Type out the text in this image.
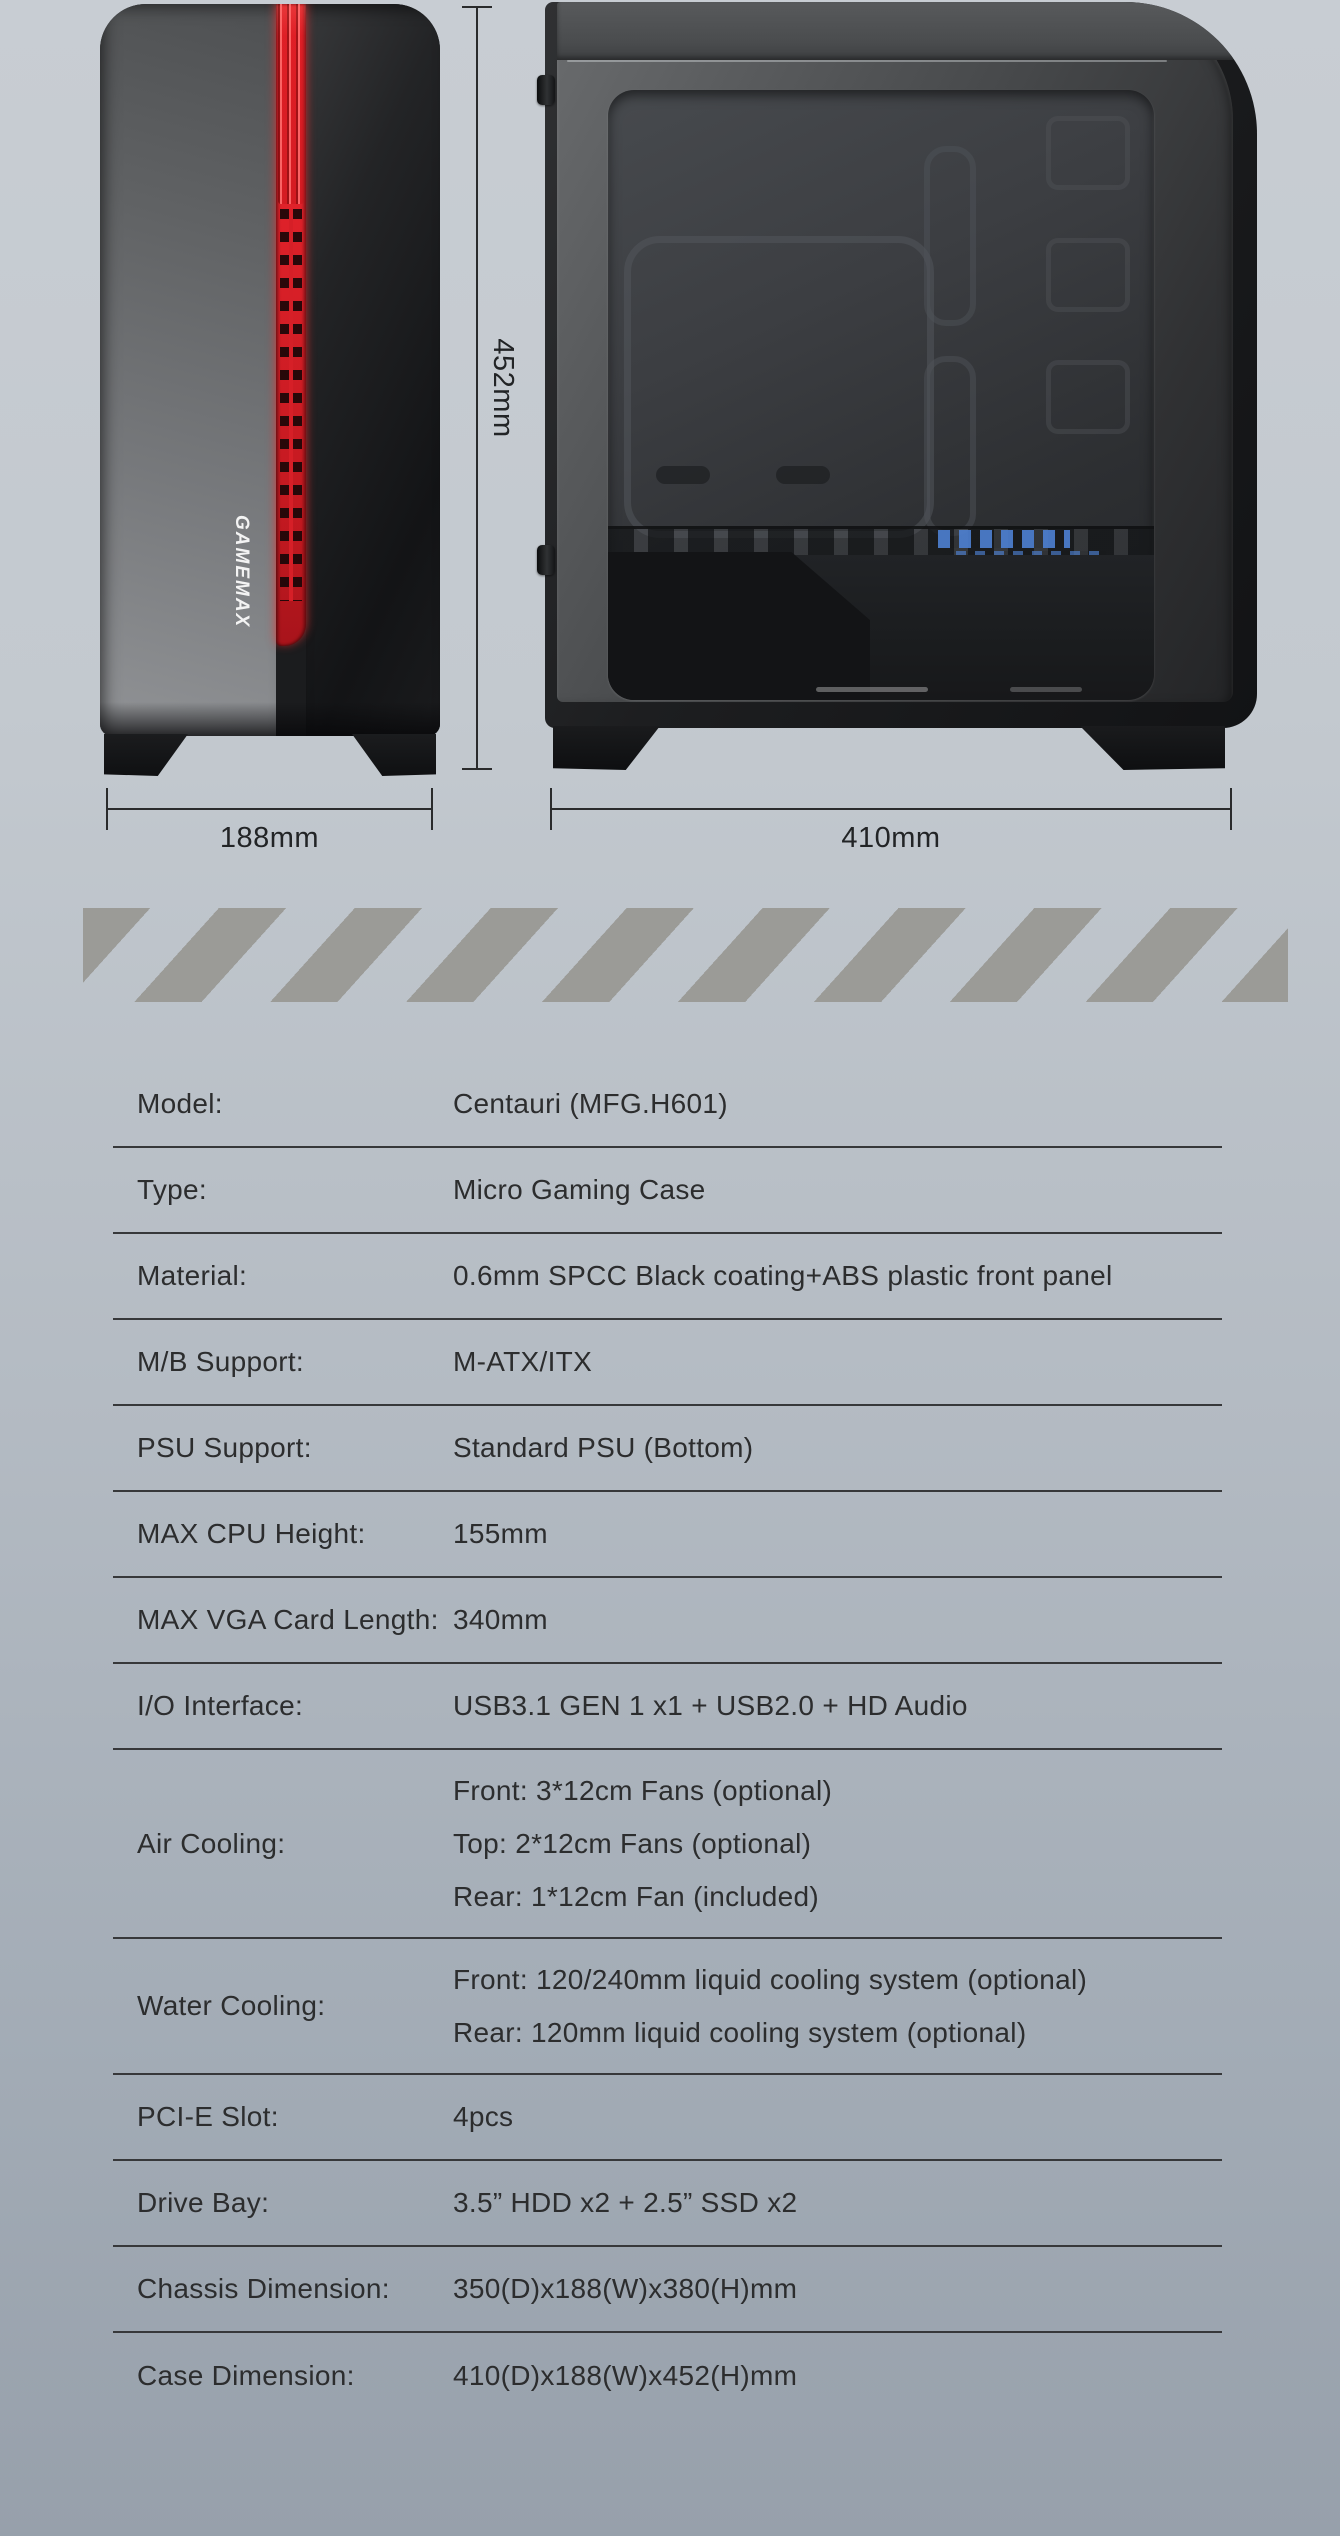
GAMEMAX
452mm
188mm	410mm
Model:	Centauri (MFG.H601)
Type:	Micro Gaming Case
Material:	0.6mm SPCC Black coating+ABS plastic front panel
M/B Support:	M-ATX/ITX
PSU Support:	Standard PSU (Bottom)
MAX CPU Height:	155mm
MAX VGA Card Length: 340mm
I/O Interface:	USB3.1 GEN 1 x1 + USB2.0 + HD Audio
Air Cooling:
Front: 3*12cm Fans (optional)
Top: 2*12cm Fans (optional)
Rear: 1*12cm Fan (included)
Water Cooling:
Front: 120/240mm liquid cooling system (optional)
Rear: 120mm liquid cooling system (optional)
PCI-E Slot:	4pcs
Drive Bay:	3.5” HDD x2 + 2.5” SSD x2
Chassis Dimension:	350(D)x188(W)x380(H)mm
Case Dimension:	410(D)x188(W)x452(H)mm
